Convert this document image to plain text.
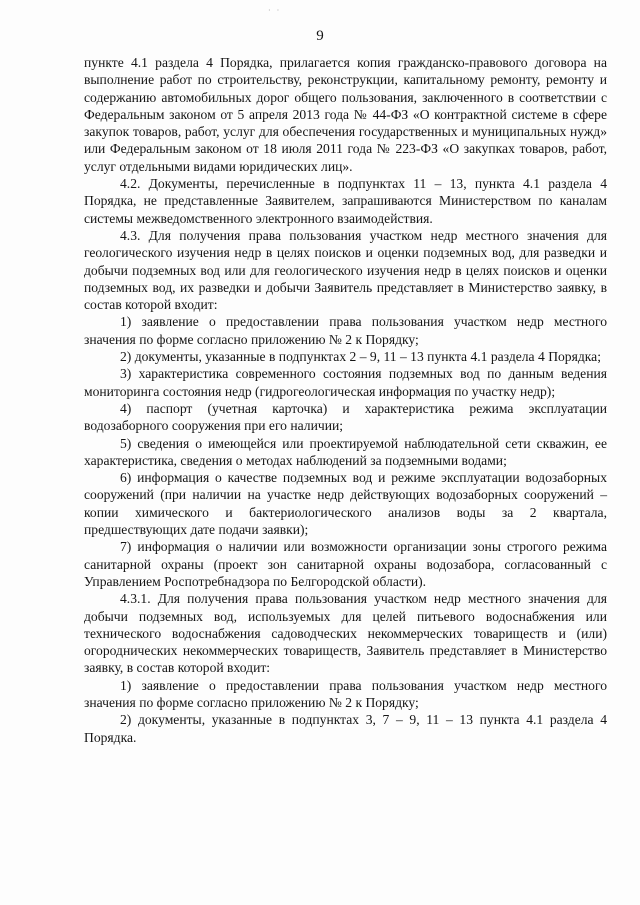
· ·
9

пункте 4.1 раздела 4 Порядка, прилагается копия гражданско-правового договора на выполнение работ по строительству, реконструкции, капитальному ремонту, ремонту и содержанию автомобильных дорог общего пользования, заключенного в соответствии с Федеральным законом от 5 апреля 2013 года № 44-ФЗ «О контрактной системе в сфере закупок товаров, работ, услуг для обеспечения государственных и муниципальных нужд» или Федеральным законом от 18 июля 2011 года № 223-ФЗ «О закупках товаров, работ, услуг отдельными видами юридических лиц».

4.2. Документы, перечисленные в подпунктах 11 – 13, пункта 4.1 раздела 4 Порядка, не представленные Заявителем, запрашиваются Министерством по каналам системы межведомственного электронного взаимодействия.

4.3. Для получения права пользования участком недр местного значения для геологического изучения недр в целях поисков и оценки подземных вод, для разведки и добычи подземных вод или для геологического изучения недр в целях поисков и оценки подземных вод, их разведки и добычи Заявитель представляет в Министерство заявку, в состав которой входит:

1) заявление о предоставлении права пользования участком недр местного значения по форме согласно приложению № 2 к Порядку;

2) документы, указанные в подпунктах 2 – 9, 11 – 13 пункта 4.1 раздела 4 Порядка;

3) характеристика современного состояния подземных вод по данным ведения мониторинга состояния недр (гидрогеологическая информация по участку недр);

4) паспорт (учетная карточка) и характеристика режима эксплуатации водозаборного сооружения при его наличии;

5) сведения о имеющейся или проектируемой наблюдательной сети скважин, ее характеристика, сведения о методах наблюдений за подземными водами;

6) информация о качестве подземных вод и режиме эксплуатации водозаборных сооружений (при наличии на участке недр действующих водозаборных сооружений – копии химического и бактериологического анализов воды за 2 квартала, предшествующих дате подачи заявки);

7) информация о наличии или возможности организации зоны строгого режима санитарной охраны (проект зон санитарной охраны водозабора, согласованный с Управлением Роспотребнадзора по Белгородской области).

4.3.1. Для получения права пользования участком недр местного значения для добычи подземных вод, используемых для целей питьевого водоснабжения или технического водоснабжения садоводческих некоммерческих товариществ и (или) огороднических некоммерческих товариществ, Заявитель представляет в Министерство заявку, в состав которой входит:

1) заявление о предоставлении права пользования участком недр местного значения по форме согласно приложению № 2 к Порядку;

2) документы, указанные в подпунктах 3, 7 – 9, 11 – 13 пункта 4.1 раздела 4 Порядка.
